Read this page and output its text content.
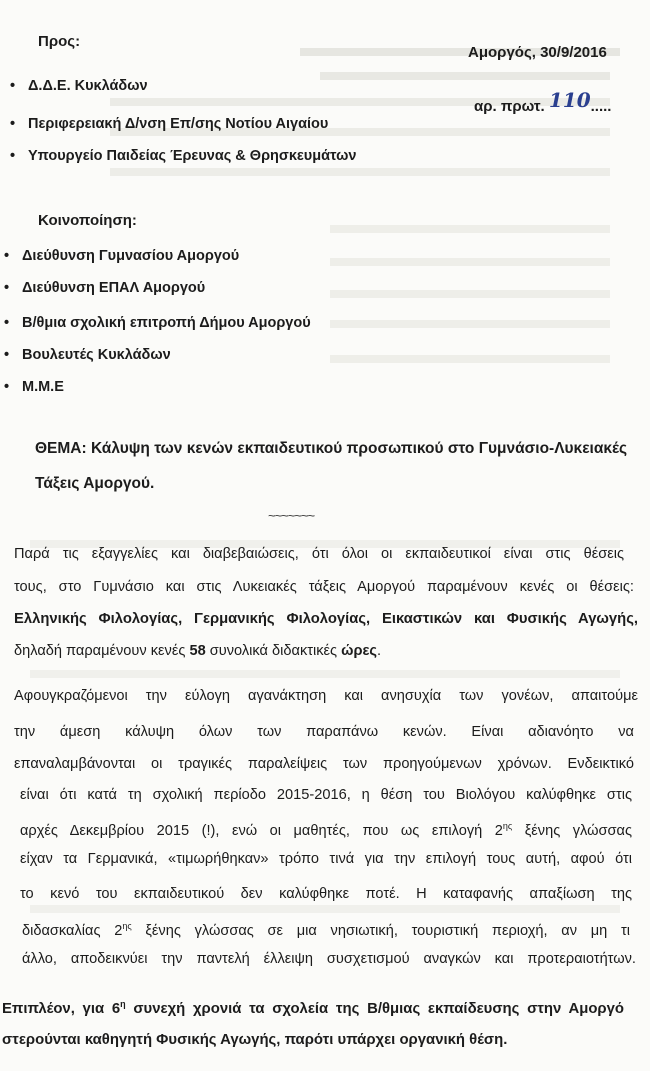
Προς:
Αμοργός, 30/9/2016
αρ. πρωτ. 110.....
• Δ.Δ.Ε. Κυκλάδων
• Περιφερειακή Δ/νση Επ/σης Νοτίου Αιγαίου
• Υπουργείο Παιδείας Έρευνας & Θρησκευμάτων
Κοινοποίηση:
• Διεύθυνση Γυμνασίου Αμοργού
• Διεύθυνση ΕΠΑΛ Αμοργού
• Β/θμια σχολική επιτροπή Δήμου Αμοργού
• Βουλευτές Κυκλάδων
• Μ.Μ.Ε
ΘΕΜΑ: Κάλυψη των κενών εκπαιδευτικού προσωπικού στο Γυμνάσιο-Λυκειακές
Τάξεις Αμοργού.
~~~~~~~
Παρά τις εξαγγελίες και διαβεβαιώσεις, ότι όλοι οι εκπαιδευτικοί είναι στις θέσεις
τους, στο Γυμνάσιο και στις Λυκειακές τάξεις Αμοργού παραμένουν κενές οι θέσεις:
Ελληνικής Φιλολογίας, Γερμανικής Φιλολογίας, Εικαστικών και Φυσικής Αγωγής,
δηλαδή παραμένουν κενές 58 συνολικά διδακτικές ώρες.
Αφουγκραζόμενοι την εύλογη αγανάκτηση και ανησυχία των γονέων, απαιτούμε
την άμεση κάλυψη όλων των παραπάνω κενών. Είναι αδιανόητο να
επαναλαμβάνονται οι τραγικές παραλείψεις των προηγούμενων χρόνων. Ενδεικτικό
είναι ότι κατά τη σχολική περίοδο 2015-2016, η θέση του Βιολόγου καλύφθηκε στις
αρχές Δεκεμβρίου 2015 (!), ενώ οι μαθητές, που ως επιλογή $2^{\eta\varsigma}$ ξένης γλώσσας
είχαν τα Γερμανικά, «τιμωρήθηκαν» τρόπο τινά για την επιλογή τους αυτή, αφού ότι
το κενό του εκπαιδευτικού δεν καλύφθηκε ποτέ. Η καταφανής απαξίωση της
διδασκαλίας $2^{\eta\varsigma}$ ξένης γλώσσας σε μια νησιωτική, τουριστική περιοχή, αν μη τι
άλλο, αποδεικνύει την παντελή έλλειψη συσχετισμού αναγκών και προτεραιοτήτων.
Επιπλέον, για $6^\eta$ συνεχή χρονιά τα σχολεία της Β/θμιας εκπαίδευσης στην Αμοργό
στερούνται καθηγητή Φυσικής Αγωγής, παρότι υπάρχει οργανική θέση.
